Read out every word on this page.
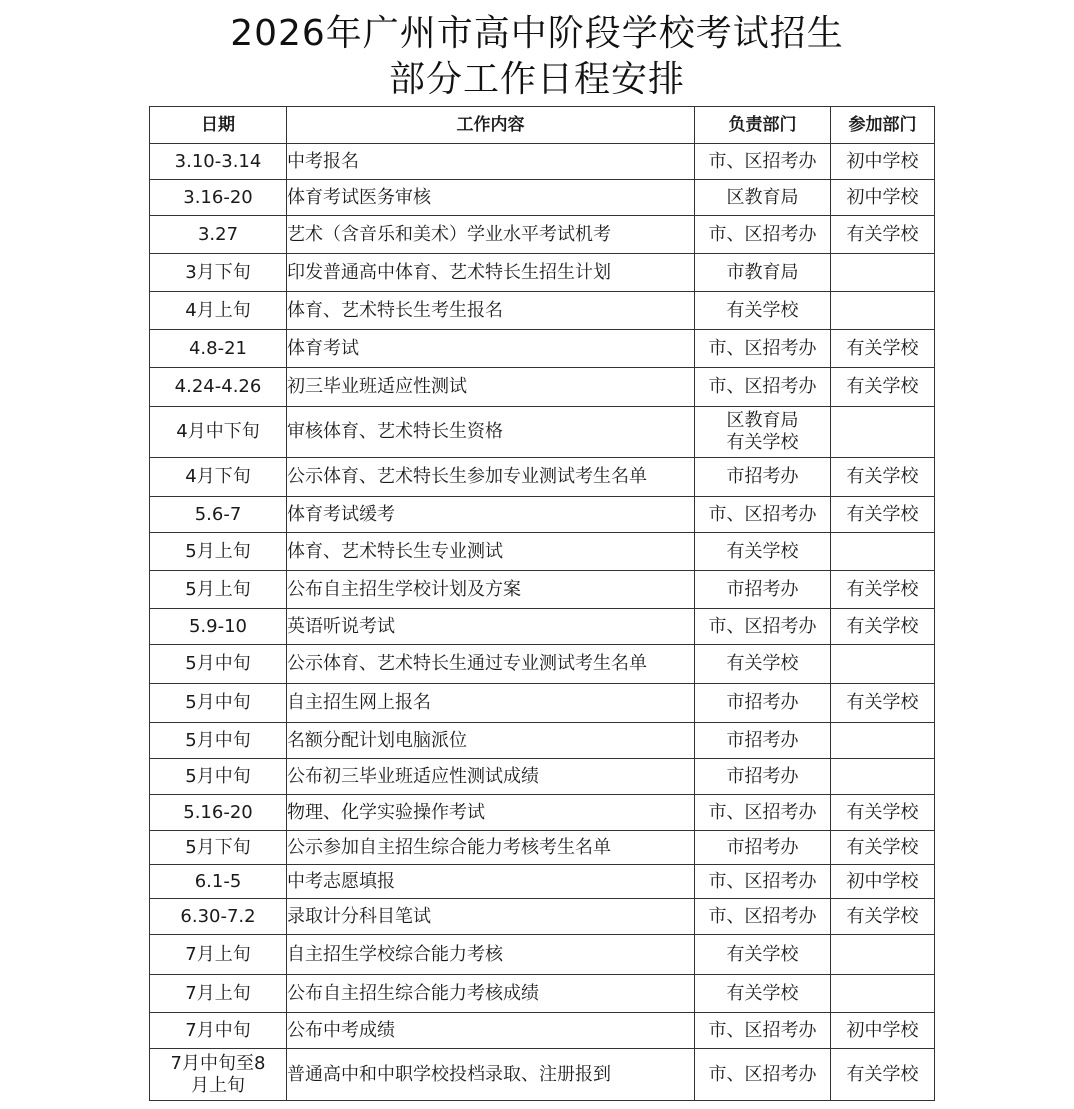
2026年广州市高中阶段学校考试招生
部分工作日程安排
日期	工作内容	负责部门	参加部门

3.10-3.14	中考报名	市、区招考办	初中学校

3.16-20	体育考试医务审核	区教育局	初中学校

3.27	艺术（含音乐和美术）学业水平考试机考	市、区招考办	有关学校

3月下旬	印发普通高中体育、艺术特长生招生计划	市教育局	

4月上旬	体育、艺术特长生考生报名	有关学校	

4.8-21	体育考试	市、区招考办	有关学校

4.24-4.26	初三毕业班适应性测试	市、区招考办	有关学校

4月中下旬	审核体育、艺术特长生资格	区教育局
有关学校	

4月下旬	公示体育、艺术特长生参加专业测试考生名单	市招考办	有关学校

5.6-7	体育考试缓考	市、区招考办	有关学校

5月上旬	体育、艺术特长生专业测试	有关学校	

5月上旬	公布自主招生学校计划及方案	市招考办	有关学校

5.9-10	英语听说考试	市、区招考办	有关学校

5月中旬	公示体育、艺术特长生通过专业测试考生名单	有关学校	

5月中旬	自主招生网上报名	市招考办	有关学校

5月中旬	名额分配计划电脑派位	市招考办	

5月中旬	公布初三毕业班适应性测试成绩	市招考办	

5.16-20	物理、化学实验操作考试	市、区招考办	有关学校

5月下旬	公示参加自主招生综合能力考核考生名单	市招考办	有关学校

6.1-5	中考志愿填报	市、区招考办	初中学校

6.30-7.2	录取计分科目笔试	市、区招考办	有关学校

7月上旬	自主招生学校综合能力考核	有关学校	

7月上旬	公布自主招生综合能力考核成绩	有关学校	

7月中旬	公布中考成绩	市、区招考办	初中学校

7月中旬至8
月上旬	普通高中和中职学校投档录取、注册报到	市、区招考办	有关学校
